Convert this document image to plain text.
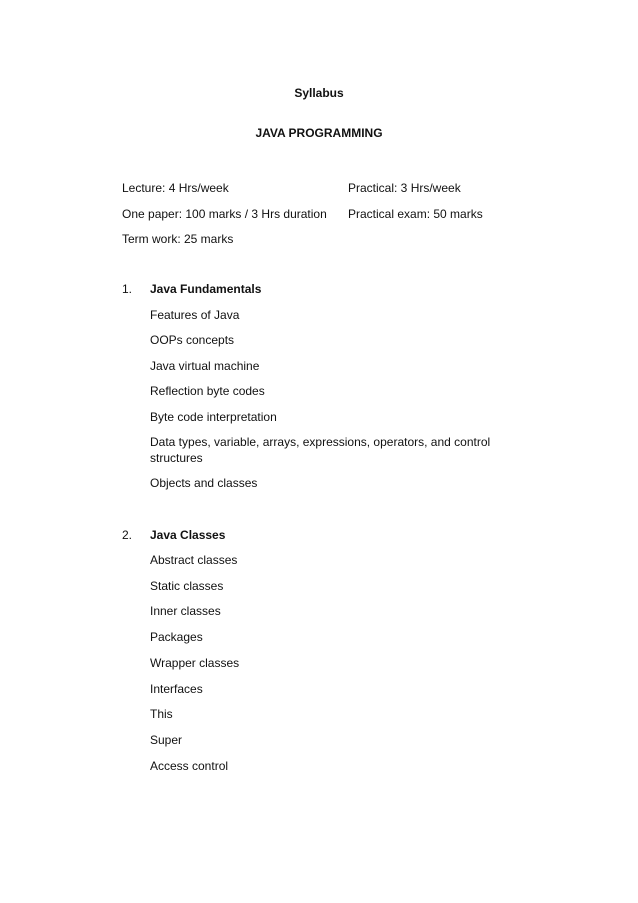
Syllabus
JAVA PROGRAMMING
Lecture: 4 Hrs/week	Practical: 3 Hrs/week
One paper: 100 marks / 3 Hrs duration Practical exam: 50 marks
Term work: 25 marks
1. Java Fundamentals
Features of Java
OOPs concepts
Java virtual machine
Reflection byte codes
Byte code interpretation
Data types, variable, arrays, expressions, operators, and control structures
Objects and classes
2. Java Classes
Abstract classes
Static classes
Inner classes
Packages
Wrapper classes
Interfaces
This
Super
Access control
